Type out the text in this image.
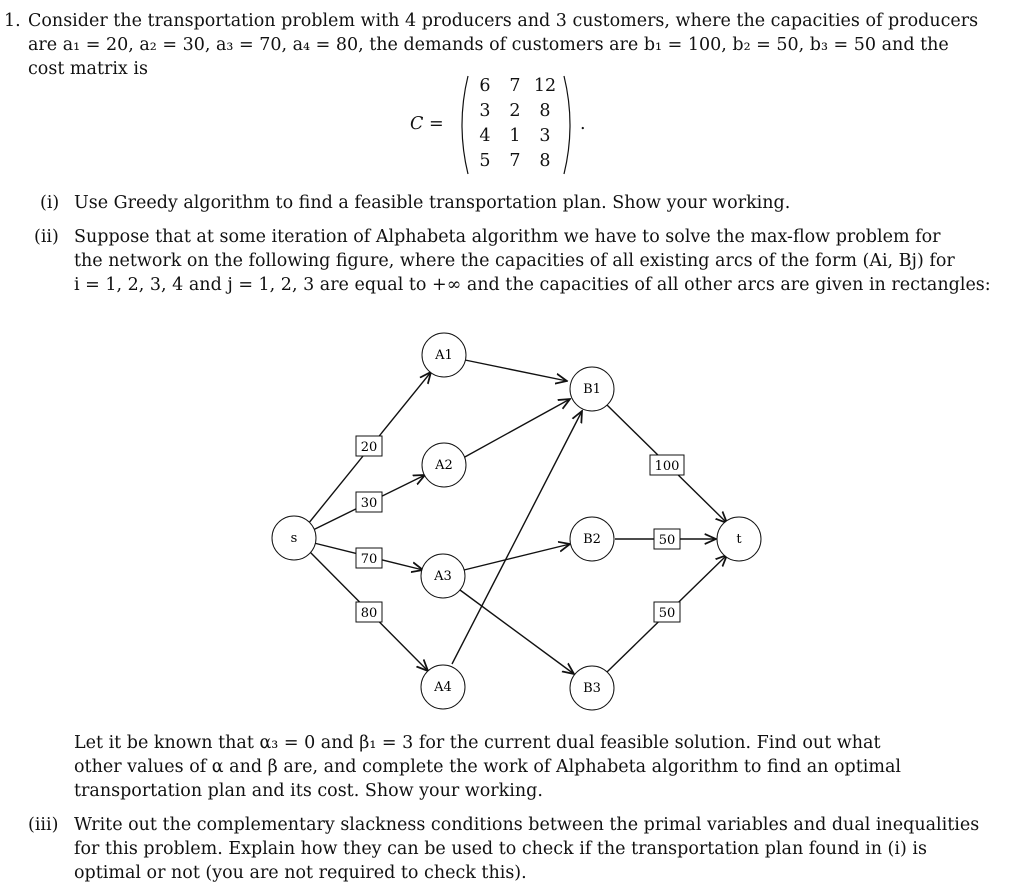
1. Consider the transportation problem with 4 producers and 3 customers, where the capacities of producers
are a₁ = 20, a₂ = 30, a₃ = 70, a₄ = 80, the demands of customers are b₁ = 100, b₂ = 50, b₃ = 50 and the
cost matrix is
C =
6	7 12
3	2	8
4	1	3
5	7	8
.
(i) Use Greedy algorithm to find a feasible transportation plan. Show your working.
(ii) Suppose that at some iteration of Alphabeta algorithm we have to solve the max-flow problem for
the network on the following figure, where the capacities of all existing arcs of the form (Ai, Bj) for
i = 1, 2, 3, 4 and j = 1, 2, 3 are equal to +∞ and the capacities of all other arcs are given in rectangles:
20
30
70
80
100
50
50
s
A1
A2
A3
A4
B1
B2
B3
t
Let it be known that α₃ = 0 and β₁ = 3 for the current dual feasible solution. Find out what
other values of α and β are, and complete the work of Alphabeta algorithm to find an optimal
transportation plan and its cost. Show your working.
(iii) Write out the complementary slackness conditions between the primal variables and dual inequalities
for this problem. Explain how they can be used to check if the transportation plan found in (i) is
optimal or not (you are not required to check this).
